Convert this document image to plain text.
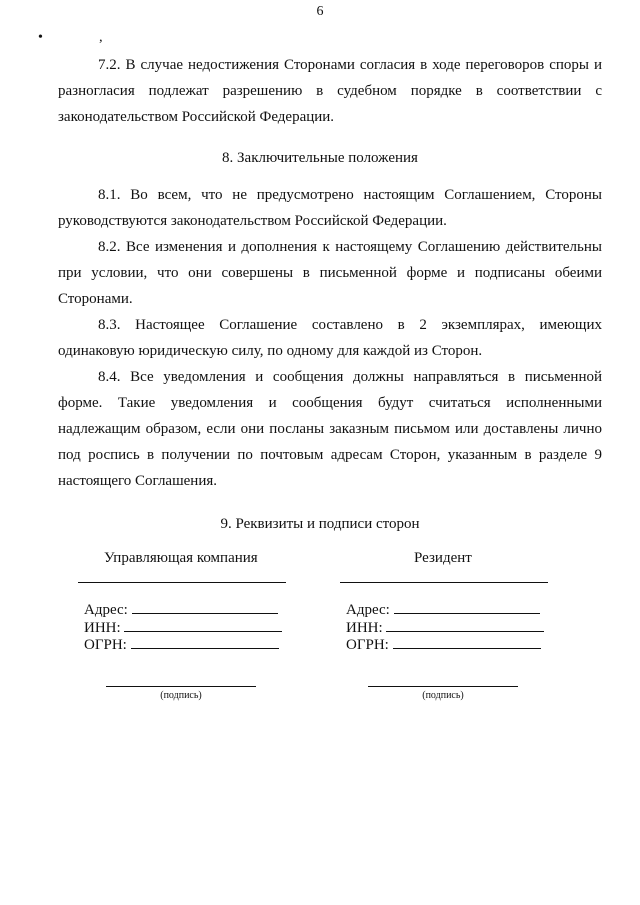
6
• ‚

7.2. В случае недостижения Сторонами согласия в ходе переговоров споры и разногласия подлежат разрешению в судебном порядке в соответствии с законодательством Российской Федерации.

8. Заключительные положения

8.1. Во всем, что не предусмотрено настоящим Соглашением, Стороны руководствуются законодательством Российской Федерации.

8.2. Все изменения и дополнения к настоящему Соглашению действительны при условии, что они совершены в письменной форме и подписаны обеими Сторонами.

8.3. Настоящее Соглашение составлено в 2 экземплярах, имеющих одинаковую юридическую силу, по одному для каждой из Сторон.

8.4. Все уведомления и сообщения должны направляться в письменной форме. Такие уведомления и сообщения будут считаться исполненными надлежащим образом, если они посланы заказным письмом или доставлены лично под роспись в получении по почтовым адресам Сторон, указанным в разделе 9 настоящего Соглашения.

9. Реквизиты и подписи сторон
Управляющая компания
Адрес:
ИНН:
ОГРН:
(подпись)
Резидент
Адрес:
ИНН:
ОГРН:
(подпись)
